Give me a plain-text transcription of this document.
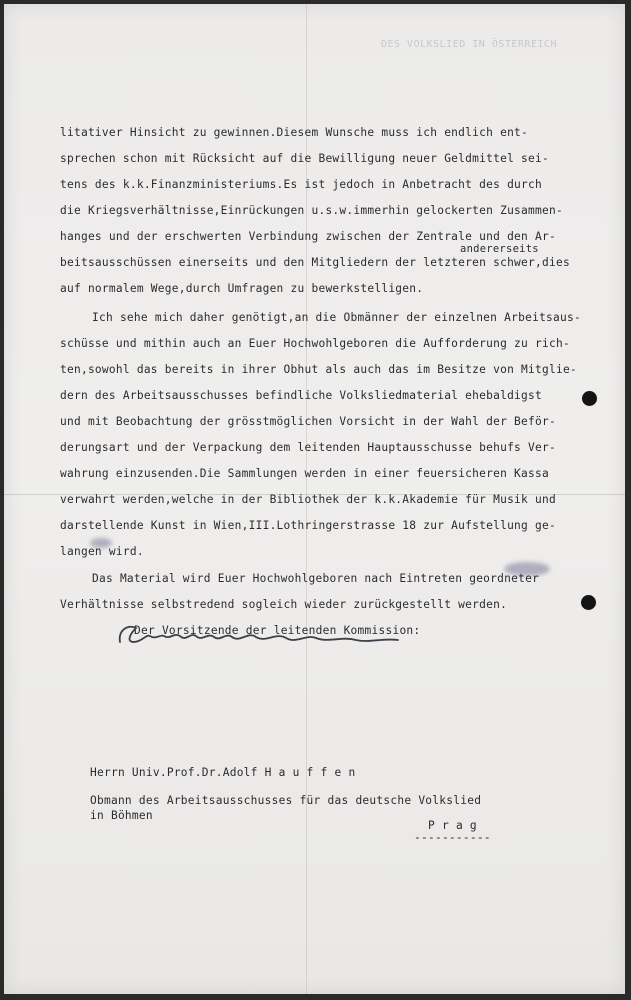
DES VOLKSLIED IN ÖSTERREICH
litativer Hinsicht zu gewinnen.Diesem Wunsche muss ich endlich ent-
sprechen schon mit Rücksicht auf die Bewilligung neuer Geldmittel sei-
tens des k.k.Finanzministeriums.Es ist jedoch in Anbetracht des durch
die Kriegsverhältnisse,Einrückungen u.s.w.immerhin gelockerten Zusammen-
hanges und der erschwerten Verbindung zwischen der Zentrale und den Ar-
andererseits
beitsausschüssen einerseits und den Mitgliedern der letzteren schwer,dies
auf normalem Wege,durch Umfragen zu bewerkstelligen.
Ich sehe mich daher genötigt,an die Obmänner der einzelnen Arbeitsaus-
schüsse und mithin auch an Euer Hochwohlgeboren die Aufforderung zu rich-
ten,sowohl das bereits in ihrer Obhut als auch das im Besitze von Mitglie-
dern des Arbeitsausschusses befindliche Volksliedmaterial ehebaldigst
und mit Beobachtung der grösstmöglichen Vorsicht in der Wahl der Beför-
derungsart und der Verpackung dem leitenden Hauptausschusse behufs Ver-
wahrung einzusenden.Die Sammlungen werden in einer feuersicheren Kassa
verwahrt werden,welche in der Bibliothek der k.k.Akademie für Musik und
darstellende Kunst in Wien,III.Lothringerstrasse 18 zur Aufstellung ge-
langen wird.
Das Material wird Euer Hochwohlgeboren nach Eintreten geordneter
Verhältnisse selbstredend sogleich wieder zurückgestellt werden.
Der Vorsitzende der leitenden Kommission:
Herrn Univ.Prof.Dr.Adolf H a u f f e n
Obmann des Arbeitsausschusses für das deutsche Volkslied
in Böhmen
P r a g
-----------
